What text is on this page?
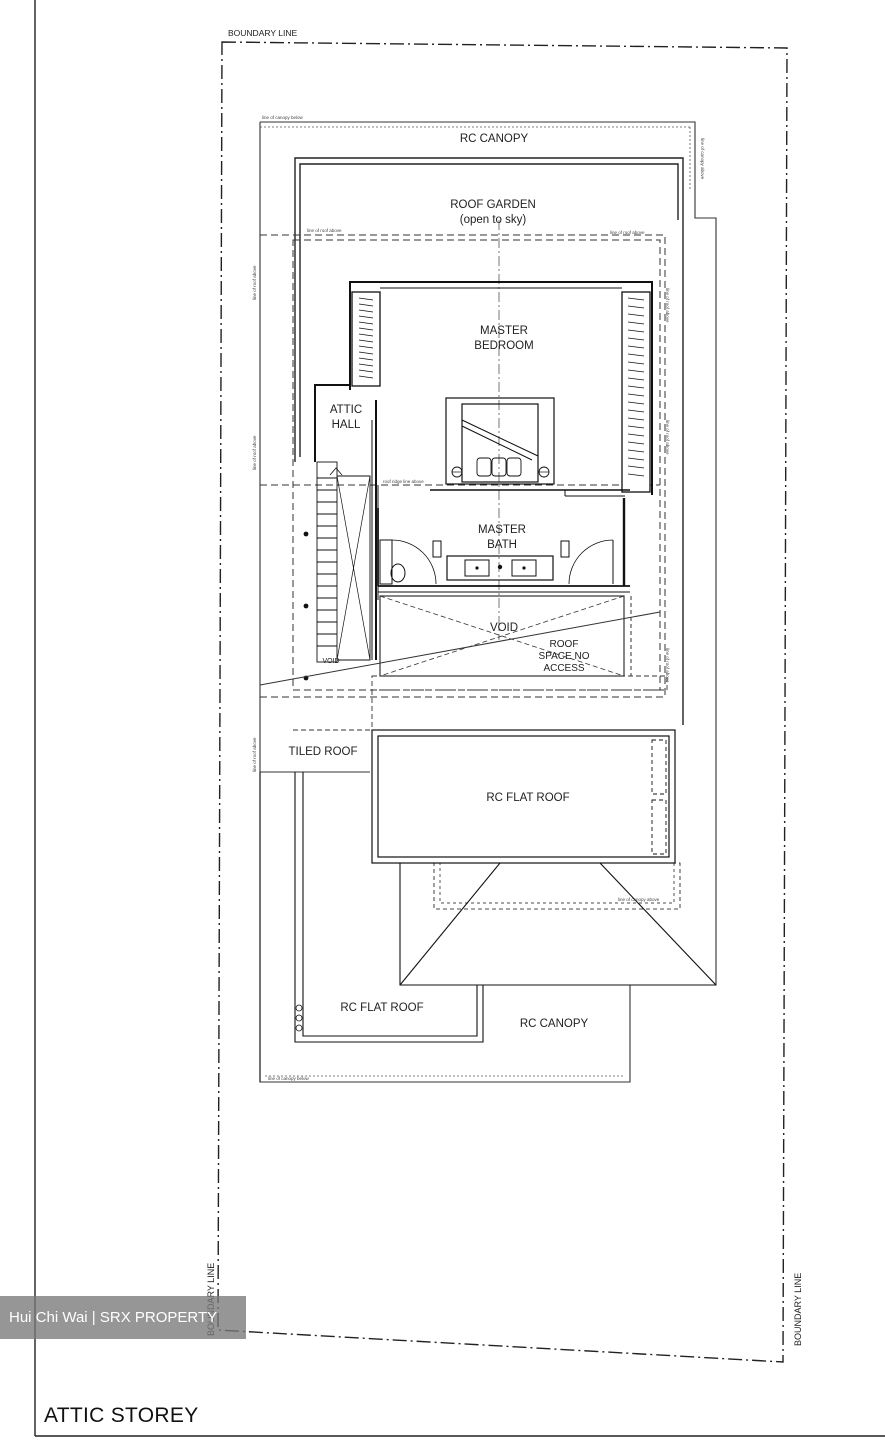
line of canopy below
line of canopy below
line of canopy above
line of roof above	line of roof above
roof ridge line above
line of roof above
line of roof above
line of roof above
line of roof above
line of roof above
line of roof above
line of canopy above
BOUNDARY LINE
BOUNDARY LINE
RC CANOPY
ROOF GARDEN
(open to sky)
MASTER
BEDROOM
ATTIC
HALL
MASTER
BATH
VOID
ROOF
SPACE NO
ACCESS
VOID
TILED ROOF
RC FLAT ROOF
RC FLAT ROOF
RC CANOPY
Hui Chi Wai | SRX PROPERTY
ATTIC STOREY
